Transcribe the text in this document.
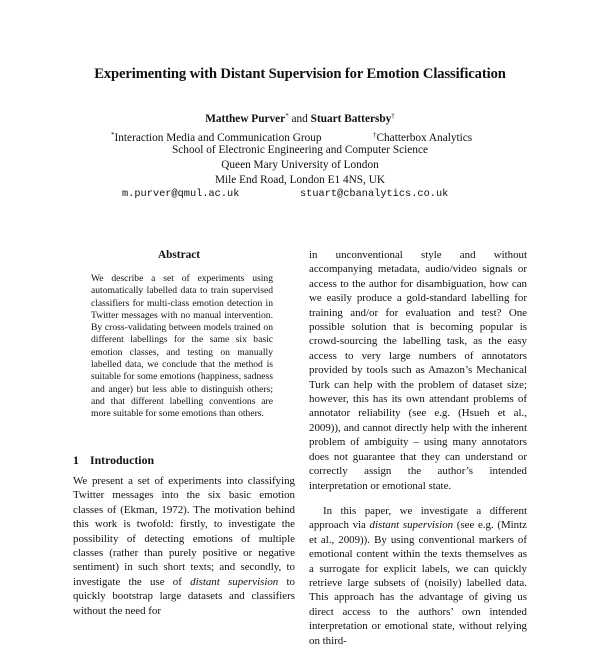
Experimenting with Distant Supervision for Emotion Classification
Matthew Purver* and Stuart Battersby†
*Interaction Media and Communication Group	†Chatterbox Analytics
School of Electronic Engineering and Computer Science
Queen Mary University of London
Mile End Road, London E1 4NS, UK
m.purver@qmul.ac.uk	stuart@cbanalytics.co.uk
Abstract
We describe a set of experiments using automatically labelled data to train supervised classifiers for multi-class emotion detection in Twitter messages with no manual intervention. By cross-validating between models trained on different labellings for the same six basic emotion classes, and testing on manually labelled data, we conclude that the method is suitable for some emotions (happiness, sadness and anger) but less able to distinguish others; and that different labelling conventions are more suitable for some emotions than others.
1 Introduction

We present a set of experiments into classifying Twitter messages into the six basic emotion classes of (Ekman, 1972). The motivation behind this work is twofold: firstly, to investigate the possibility of detecting emotions of multiple classes (rather than purely positive or negative sentiment) in such short texts; and secondly, to investigate the use of distant supervision to quickly bootstrap large datasets and classifiers without the need for

in unconventional style and without accompanying metadata, audio/video signals or access to the author for disambiguation, how can we easily produce a gold-standard labelling for training and/or for evaluation and test? One possible solution that is becoming popular is crowd-sourcing the labelling task, as the easy access to very large numbers of annotators provided by tools such as Amazon’s Mechanical Turk can help with the problem of dataset size; however, this has its own attendant problems of annotator reliability (see e.g. (Hsueh et al., 2009)), and cannot directly help with the inherent problem of ambiguity – using many annotators does not guarantee that they can understand or correctly assign the author’s intended interpretation or emotional state.

In this paper, we investigate a different approach via distant supervision (see e.g. (Mintz et al., 2009)). By using conventional markers of emotional content within the texts themselves as a surrogate for explicit labels, we can quickly retrieve large subsets of (noisily) labelled data. This approach has the advantage of giving us direct access to the authors’ own intended interpretation or emotional state, without relying on third-
